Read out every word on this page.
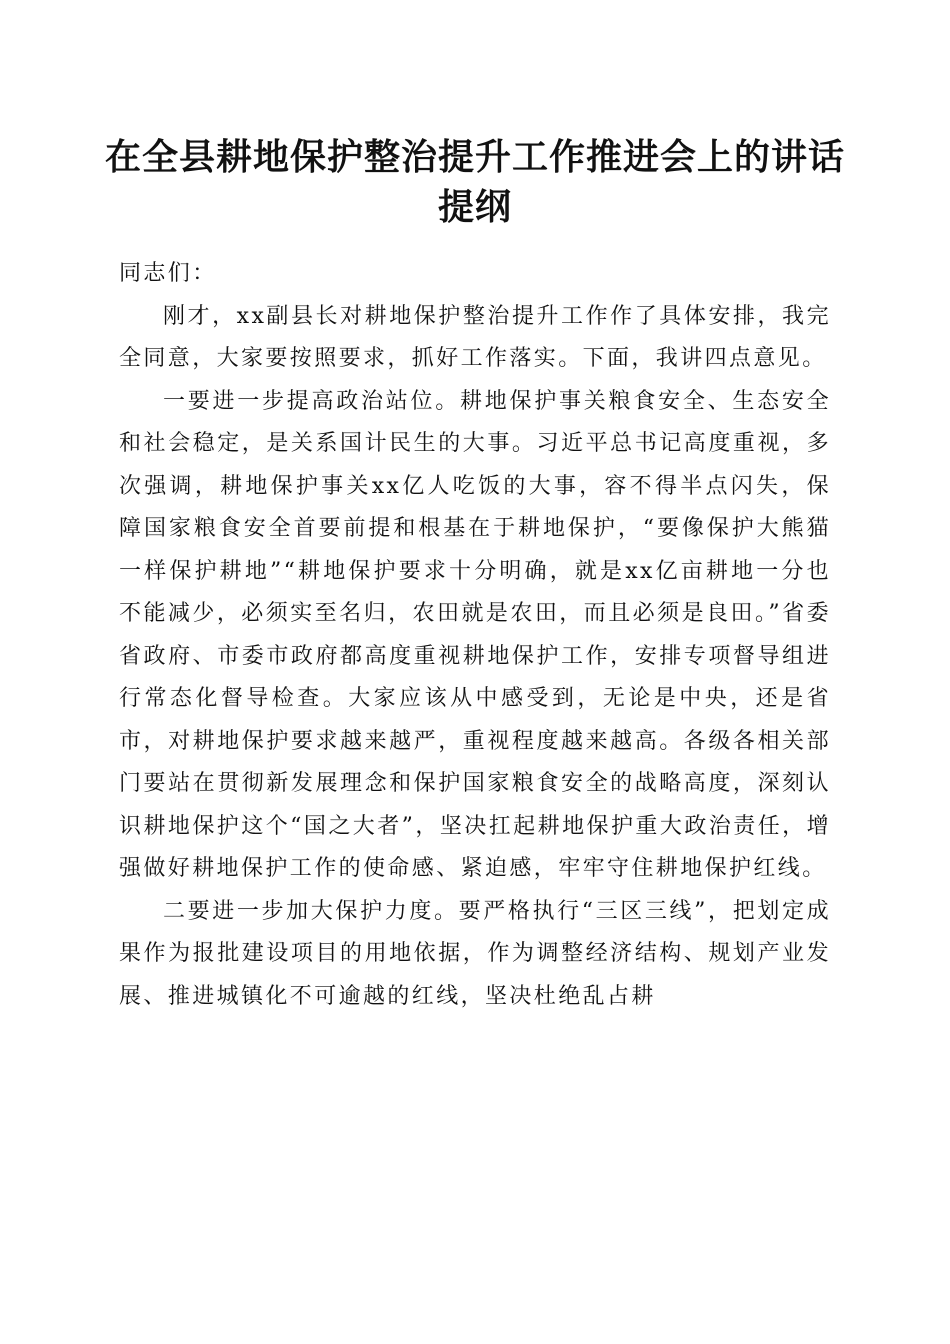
在全县耕地保护整治提升工作推进会上的讲话提纲

同志们：

刚才，xx副县长对耕地保护整治提升工作作了具体安排，我完全同意，大家要按照要求，抓好工作落实。下面，我讲四点意见。

一要进一步提高政治站位。耕地保护事关粮食安全、生态安全和社会稳定，是关系国计民生的大事。习近平总书记高度重视，多次强调，耕地保护事关xx亿人吃饭的大事，容不得半点闪失，保障国家粮食安全首要前提和根基在于耕地保护，“要像保护大熊猫一样保护耕地”“耕地保护要求十分明确，就是xx亿亩耕地一分也不能减少，必须实至名归，农田就是农田，而且必须是良田。”省委省政府、市委市政府都高度重视耕地保护工作，安排专项督导组进行常态化督导检查。大家应该从中感受到，无论是中央，还是省市，对耕地保护要求越来越严，重视程度越来越高。各级各相关部门要站在贯彻新发展理念和保护国家粮食安全的战略高度，深刻认识耕地保护这个“国之大者”，坚决扛起耕地保护重大政治责任，增强做好耕地保护工作的使命感、紧迫感，牢牢守住耕地保护红线。

二要进一步加大保护力度。要严格执行“三区三线”，把划定成果作为报批建设项目的用地依据，作为调整经济结构、规划产业发展、推进城镇化不可逾越的红线，坚决杜绝乱占耕
